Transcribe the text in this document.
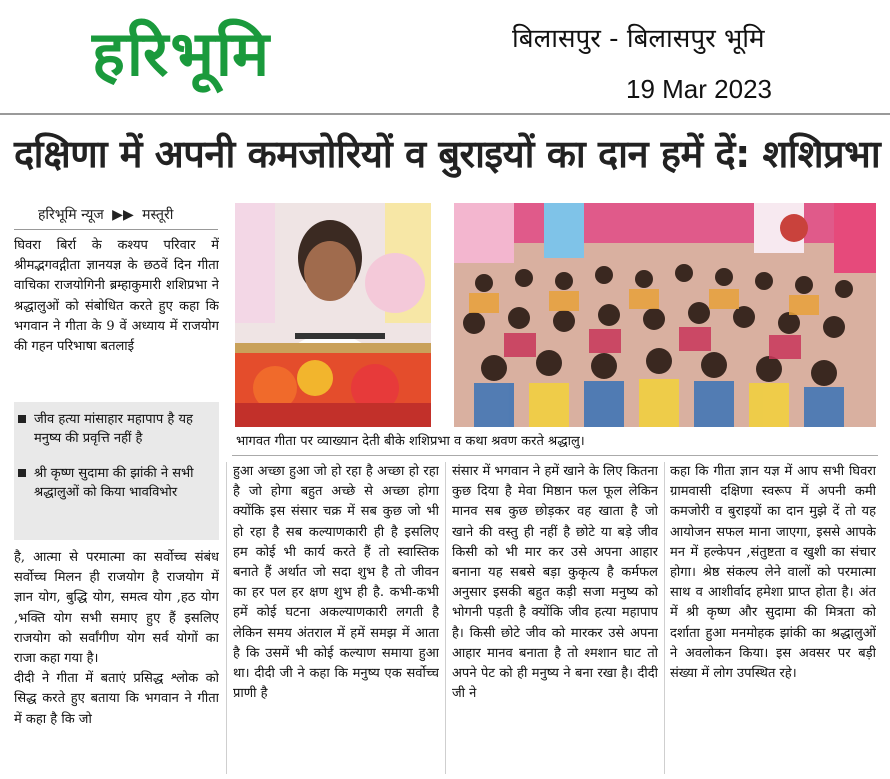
हरिभूमि	बिलासपुर - बिलासपुर भूमि
19 Mar 2023
दक्षिणा में अपनी कमजोरियों व बुराइयों का दान हमें दें: शशिप्रभा
हरिभूमि न्यूज ▶▶ मस्तूरी

घिवरा बिर्रा के कश्यप परिवार में श्रीमद्भगवद्गीता ज्ञानयज्ञ के छठवें दिन गीता वाचिका राजयोगिनी ब्रम्हाकुमारी शशिप्रभा ने श्रद्धालुओं को संबोधित करते हुए कहा कि भगवान ने गीता के 9 वें अध्याय में राजयोग की गहन परिभाषा बतलाई

जीव हत्या मांसाहार महापाप है यह मनुष्य की प्रवृत्ति नहीं है
श्री कृष्ण सुदामा की झांकी ने सभी श्रद्धालुओं को किया भावविभोर
भागवत गीता पर व्याख्यान देती बीके शशिप्रभा व कथा श्रवण करते श्रद्धालु।

है, आत्मा से परमात्मा का सर्वोच्च संबंध सर्वोच्च मिलन ही राजयोग है राजयोग में ज्ञान योग, बुद्धि योग, समत्व योग ,हठ योग ,भक्ति योग सभी समाए हुए हैं इसलिए राजयोग को सर्वांगीण योग सर्व योगों का राजा कहा गया है।

दीदी ने गीता में बताएं प्रसिद्ध श्लोक को सिद्ध करते हुए बताया कि भगवान ने गीता में कहा है कि जो

हुआ अच्छा हुआ जो हो रहा है अच्छा हो रहा है जो होगा बहुत अच्छे से अच्छा होगा क्योंकि इस संसार चक्र में सब कुछ जो भी हो रहा है सब कल्याणकारी ही है इसलिए हम कोई भी कार्य करते हैं तो स्वास्तिक बनाते हैं अर्थात जो सदा शुभ है तो जीवन का हर पल हर क्षण शुभ ही है. कभी-कभी हमें कोई घटना अकल्याणकारी लगती है लेकिन समय अंतराल में हमें समझ में आता है कि उसमें भी कोई कल्याण समाया हुआ था। दीदी जी ने कहा कि मनुष्य एक सर्वोच्च प्राणी है

संसार में भगवान ने हमें खाने के लिए कितना कुछ दिया है मेवा मिष्ठान फल फूल लेकिन मानव सब कुछ छोड़कर वह खाता है जो खाने की वस्तु ही नहीं है छोटे या बड़े जीव किसी को भी मार कर उसे अपना आहार बनाना यह सबसे बड़ा कुकृत्य है कर्मफल अनुसार इसकी बहुत कड़ी सजा मनुष्य को भोगनी पड़ती है क्योंकि जीव हत्या महापाप है। किसी छोटे जीव को मारकर उसे अपना आहार मानव बनाता है तो श्मशान घाट तो अपने पेट को ही मनुष्य ने बना रखा है। दीदी जी ने

कहा कि गीता ज्ञान यज्ञ में आप सभी घिवरा ग्रामवासी दक्षिणा स्वरूप में अपनी कमी कमजोरी व बुराइयों का दान मुझे दें तो यह आयोजन सफल माना जाएगा, इससे आपके मन में हल्केपन ,संतुष्टता व खुशी का संचार होगा। श्रेष्ठ संकल्प लेने वालों को परमात्मा साथ व आशीर्वाद हमेशा प्राप्त होता है। अंत में श्री कृष्ण और सुदामा की मित्रता को दर्शाता हुआ मनमोहक झांकी का श्रद्धालुओं ने अवलोकन किया। इस अवसर पर बड़ी संख्या में लोग उपस्थित रहे।
